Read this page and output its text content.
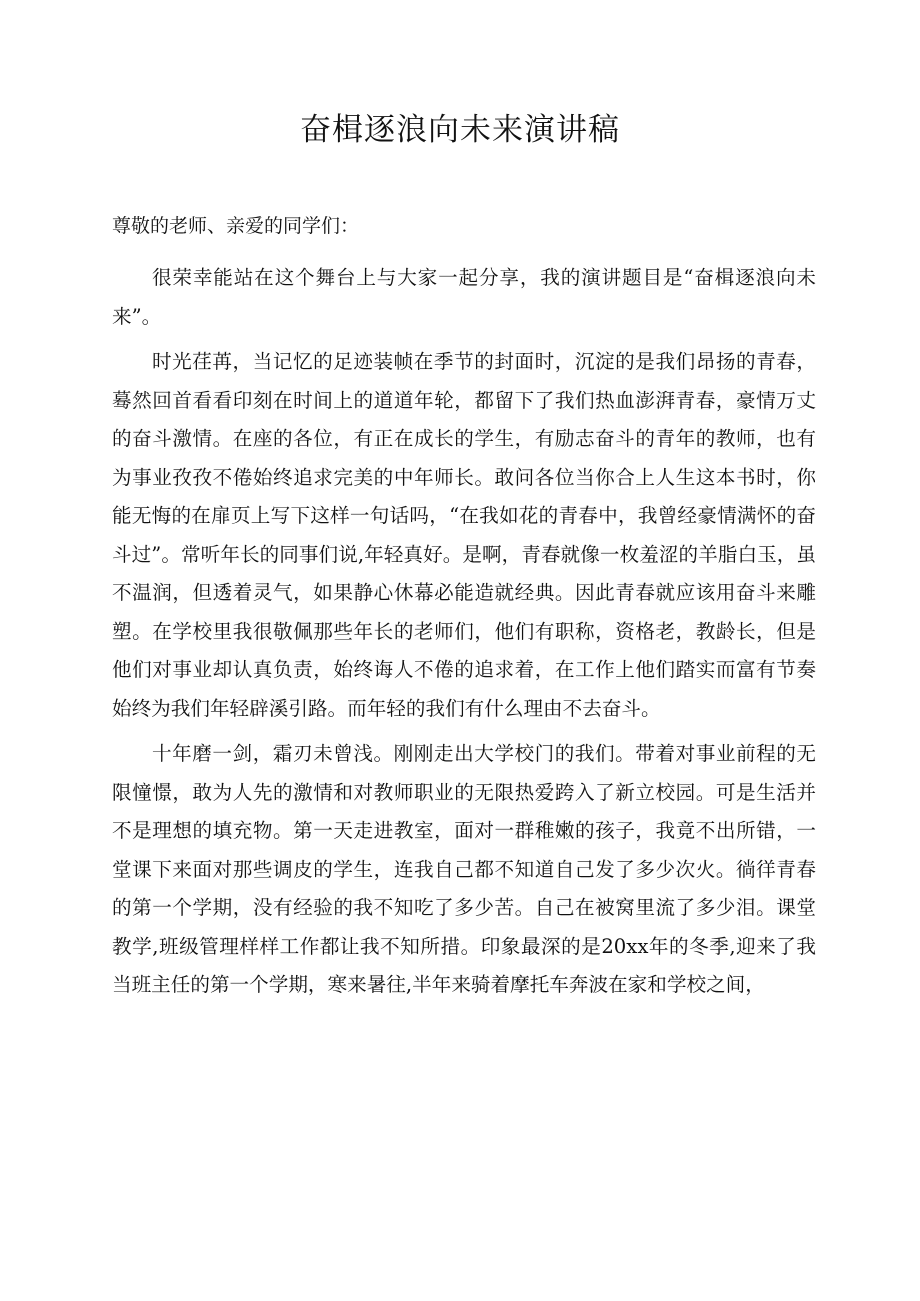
奋楫逐浪向未来演讲稿

尊敬的老师、亲爱的同学们：

很荣幸能站在这个舞台上与大家一起分享，我的演讲题目是“奋楫逐浪向未来”。

时光荏苒，当记忆的足迹装帧在季节的封面时，沉淀的是我们昂扬的青春，蓦然回首看看印刻在时间上的道道年轮，都留下了我们热血澎湃青春，豪情万丈的奋斗激情。在座的各位，有正在成长的学生，有励志奋斗的青年的教师，也有为事业孜孜不倦始终追求完美的中年师长。敢问各位当你合上人生这本书时，你能无悔的在扉页上写下这样一句话吗，“在我如花的青春中，我曾经豪情满怀的奋斗过”。常听年长的同事们说,年轻真好。是啊，青春就像一枚羞涩的羊脂白玉，虽不温润，但透着灵气，如果静心休幕必能造就经典。因此青春就应该用奋斗来雕塑。在学校里我很敬佩那些年长的老师们，他们有职称，资格老，教龄长，但是他们对事业却认真负责，始终诲人不倦的追求着，在工作上他们踏实而富有节奏始终为我们年轻辟溪引路。而年轻的我们有什么理由不去奋斗。

十年磨一剑，霜刃未曾浅。刚刚走出大学校门的我们。带着对事业前程的无限憧憬，敢为人先的激情和对教师职业的无限热爱跨入了新立校园。可是生活并不是理想的填充物。第一天走进教室，面对一群稚嫩的孩子，我竟不出所错，一堂课下来面对那些调皮的学生，连我自己都不知道自己发了多少次火。徜徉青春的第一个学期，没有经验的我不知吃了多少苦。自己在被窝里流了多少泪。课堂教学,班级管理样样工作都让我不知所措。印象最深的是20xx年的冬季,迎来了我当班主任的第一个学期，寒来暑往,半年来骑着摩托车奔波在家和学校之间，
